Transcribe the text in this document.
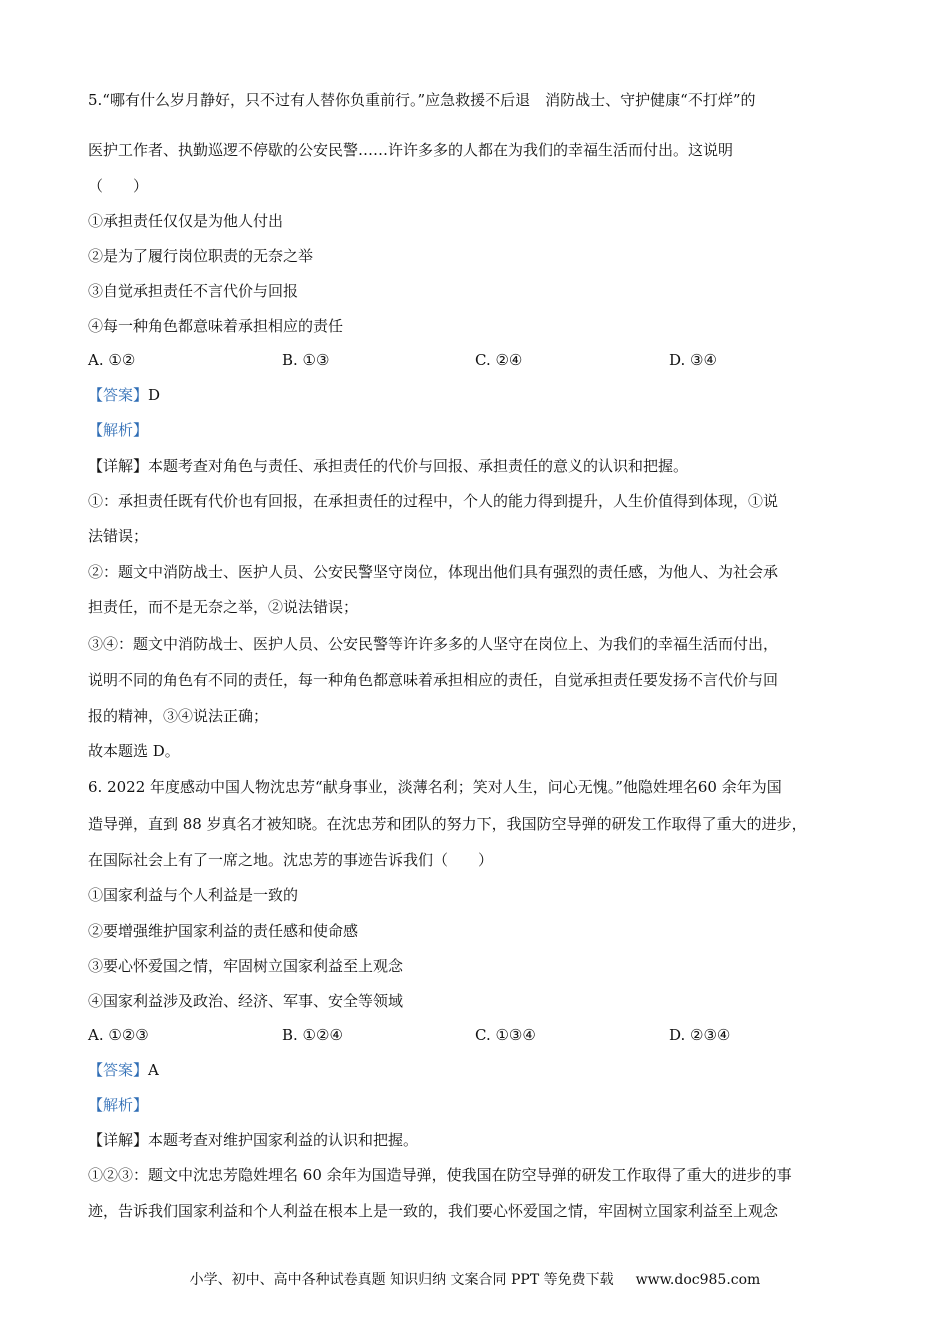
5.“哪有什么岁月静好，只不过有人替你负重前行。”应急救援不后退　消防战士、守护健康“不打烊”的
医护工作者、执勤巡逻不停歇的公安民警……许许多多的人都在为我们的幸福生活而付出。这说明
（　　）
①承担责任仅仅是为他人付出
②是为了履行岗位职责的无奈之举
③自觉承担责任不言代价与回报
④每一种角色都意味着承担相应的责任
A. ①②	B. ①③	C. ②④	D. ③④
【答案】D
【解析】
【详解】本题考查对角色与责任、承担责任的代价与回报、承担责任的意义的认识和把握。
①：承担责任既有代价也有回报，在承担责任的过程中，个人的能力得到提升，人生价值得到体现，①说
法错误；
②：题文中消防战士、医护人员、公安民警坚守岗位，体现出他们具有强烈的责任感，为他人、为社会承
担责任，而不是无奈之举，②说法错误；
③④：题文中消防战士、医护人员、公安民警等许许多多的人坚守在岗位上、为我们的幸福生活而付出，
说明不同的角色有不同的责任，每一种角色都意味着承担相应的责任，自觉承担责任要发扬不言代价与回
报的精神，③④说法正确；
故本题选 D。
6. 2022 年度感动中国人物沈忠芳“献身事业，淡薄名利；笑对人生，问心无愧。”他隐姓埋名60 余年为国
造导弹，直到 88 岁真名才被知晓。在沈忠芳和团队的努力下，我国防空导弹的研发工作取得了重大的进步，
在国际社会上有了一席之地。沈忠芳的事迹告诉我们（　　）
①国家利益与个人利益是一致的
②要增强维护国家利益的责任感和使命感
③要心怀爱国之情，牢固树立国家利益至上观念
④国家利益涉及政治、经济、军事、安全等领域
A. ①②③	B. ①②④	C. ①③④	D. ②③④
【答案】A
【解析】
【详解】本题考查对维护国家利益的认识和把握。
①②③：题文中沈忠芳隐姓埋名 60 余年为国造导弹，使我国在防空导弹的研发工作取得了重大的进步的事
迹，告诉我们国家利益和个人利益在根本上是一致的，我们要心怀爱国之情，牢固树立国家利益至上观念
小学、初中、高中各种试卷真题 知识归纳 文案合同 PPT 等免费下载 www.doc985.com
